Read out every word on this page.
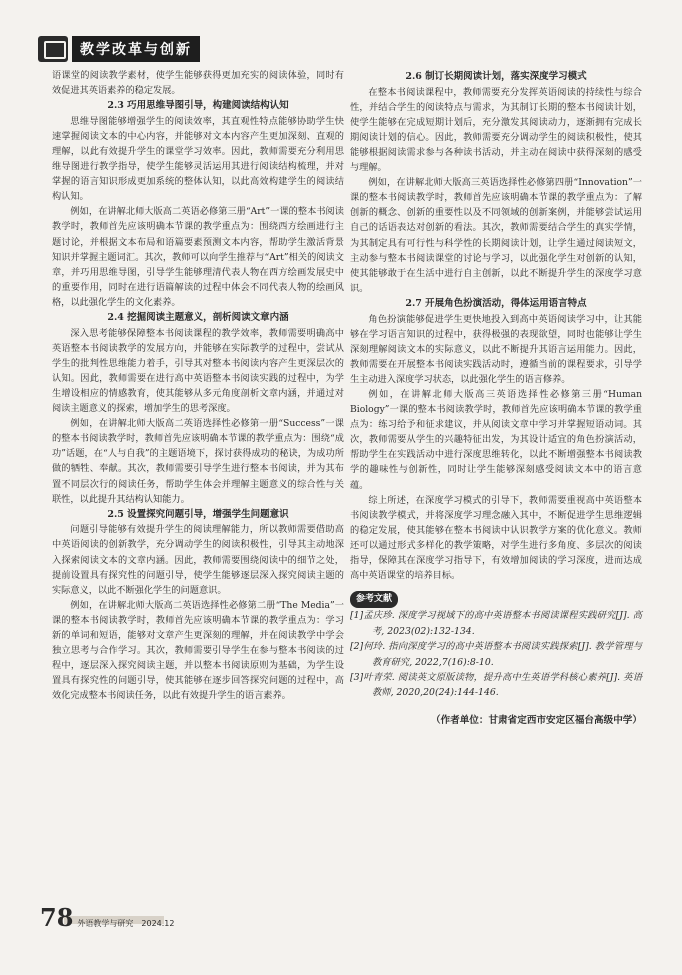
教学改革与创新

语课堂的阅读教学素材，使学生能够获得更加充实的阅读体验，同时有效促进其英语素养的稳定发展。

2.3 巧用思维导图引导，构建阅读结构认知

思维导图能够增强学生的阅读效率，其直观性特点能够协助学生快速掌握阅读文本的中心内容，并能够对文本内容产生更加深刻、直观的理解，以此有效提升学生的课堂学习效率。因此，教师需要充分利用思维导图进行教学指导，使学生能够灵活运用其进行阅读结构梳理，并对掌握的语言知识形成更加系统的整体认知，以此高效构建学生的阅读结构认知。

例如，在讲解北师大版高二英语必修第三册“Art”一课的整本书阅读教学时，教师首先应该明确本节课的教学重点为：围绕西方绘画进行主题讨论，并根据文本布局和语篇要素预测文本内容，帮助学生激活背景知识并掌握主题词汇。其次，教师可以向学生推荐与“Art”相关的阅读文章，并巧用思维导图，引导学生能够理清代表人物在西方绘画发展史中的重要作用，同时在进行语篇解读的过程中体会不同代表人物的绘画风格，以此强化学生的文化素养。

2.4 挖掘阅读主题意义，剖析阅读文章内涵

深入思考能够保障整本书阅读课程的教学效率，教师需要明确高中英语整本书阅读教学的发展方向，并能够在实际教学的过程中，尝试从学生的批判性思维能力着手，引导其对整本书阅读内容产生更深层次的认知。因此，教师需要在进行高中英语整本书阅读实践的过程中，为学生增设相应的情感教育，使其能够从多元角度剖析文章内涵，并通过对阅读主题意义的探索，增加学生的思考深度。

例如，在讲解北师大版高二英语选择性必修第一册“Success”一课的整本书阅读教学时，教师首先应该明确本节课的教学重点为：围绕“成功”话题，在“人与自我”的主题语境下，探讨获得成功的秘诀，为成功所做的牺牲、奉献。其次，教师需要引导学生进行整本书阅读，并为其布置不同层次行的阅读任务，帮助学生体会并理解主题意义的综合性与关联性，以此提升其结构认知能力。

2.5 设置探究问题引导，增强学生问题意识

问题引导能够有效提升学生的阅读理解能力，所以教师需要借助高中英语阅读的创新教学，充分调动学生的阅读积极性，引导其主动地深入探索阅读文本的文章内涵。因此，教师需要围绕阅读中的细节之处，提前设置具有探究性的问题引导，使学生能够逐层深入探究阅读主题的实际意义，以此不断强化学生的问题意识。

例如，在讲解北师大版高二英语选择性必修第二册“The Media”一课的整本书阅读教学时，教师首先应该明确本节课的教学重点为：学习新的单词和短语，能够对文章产生更深刻的理解，并在阅读教学中学会独立思考与合作学习。其次，教师需要引导学生在参与整本书阅读的过程中，逐层深入探究阅读主题，并以整本书阅读原则为基础，为学生设置具有探究性的问题引导，使其能够在逐步回答探究问题的过程中，高效化完成整本书阅读任务，以此有效提升学生的语言素养。

2.6 制订长期阅读计划，落实深度学习模式

在整本书阅读课程中，教师需要充分发挥英语阅读的持续性与综合性，并结合学生的阅读特点与需求，为其制订长期的整本书阅读计划，使学生能够在完成短期计划后，充分激发其阅读动力，逐渐拥有完成长期阅读计划的信心。因此，教师需要充分调动学生的阅读积极性，使其能够根据阅读需求参与各种读书活动，并主动在阅读中获得深刻的感受与理解。

例如，在讲解北师大版高三英语选择性必修第四册“Innovation”一课的整本书阅读教学时，教师首先应该明确本节课的教学重点为：了解创新的概念、创新的重要性以及不同领域的创新案例，并能够尝试运用自己的话语表达对创新的看法。其次，教师需要结合学生的真实学情，为其制定具有可行性与科学性的长期阅读计划，让学生通过阅读短文，主动参与整本书阅读课堂的讨论与学习，以此强化学生对创新的认知，使其能够敢于在生活中进行自主创新，以此不断提升学生的深度学习意识。

2.7 开展角色扮演活动，得体运用语言特点

角色扮演能够促进学生更快地投入到高中英语阅读学习中，让其能够在学习语言知识的过程中，获得极强的表现欲望，同时也能够让学生深刻理解阅读文本的实际意义，以此不断提升其语言运用能力。因此，教师需要在开展整本书阅读实践活动时，遵循当前的课程要求，引导学生主动进入深度学习状态，以此强化学生的语言修养。

例如，在讲解北师大版高三英语选择性必修第三册“Human Biology”一课的整本书阅读教学时，教师首先应该明确本节课的教学重点为：练习给予和征求建议，并从阅读文章中学习并掌握短语动词。其次，教师需要从学生的兴趣特征出发，为其设计适宜的角色扮演活动，帮助学生在实践活动中进行深度思维转化，以此不断增强整本书阅读教学的趣味性与创新性，同时让学生能够深刻感受阅读文本中的语言意蕴。

综上所述，在深度学习模式的引导下，教师需要重视高中英语整本书阅读教学模式，并将深度学习理念融入其中，不断促进学生思维逻辑的稳定发展，使其能够在整本书阅读中认识教学方案的优化意义。教师还可以通过形式多样化的教学策略，对学生进行多角度、多层次的阅读指导，保障其在深度学习指导下，有效增加阅读的学习深度，进而达成高中英语课堂的培养目标。

参考文献
[1]孟庆珍. 深度学习视域下的高中英语整本书阅读课程实践研究[J]. 高考, 2023(02):132-134.
[2]何玲. 指向深度学习的高中英语整本书阅读实践探索[J]. 教学管理与教育研究, 2022,7(16):8-10.
[3]叶青荣. 阅读英文原版读物，提升高中生英语学科核心素养[J]. 英语教师, 2020,20(24):144-146.
（作者单位：甘肃省定西市安定区福台高级中学）
78 外语教学与研究　2024.12
